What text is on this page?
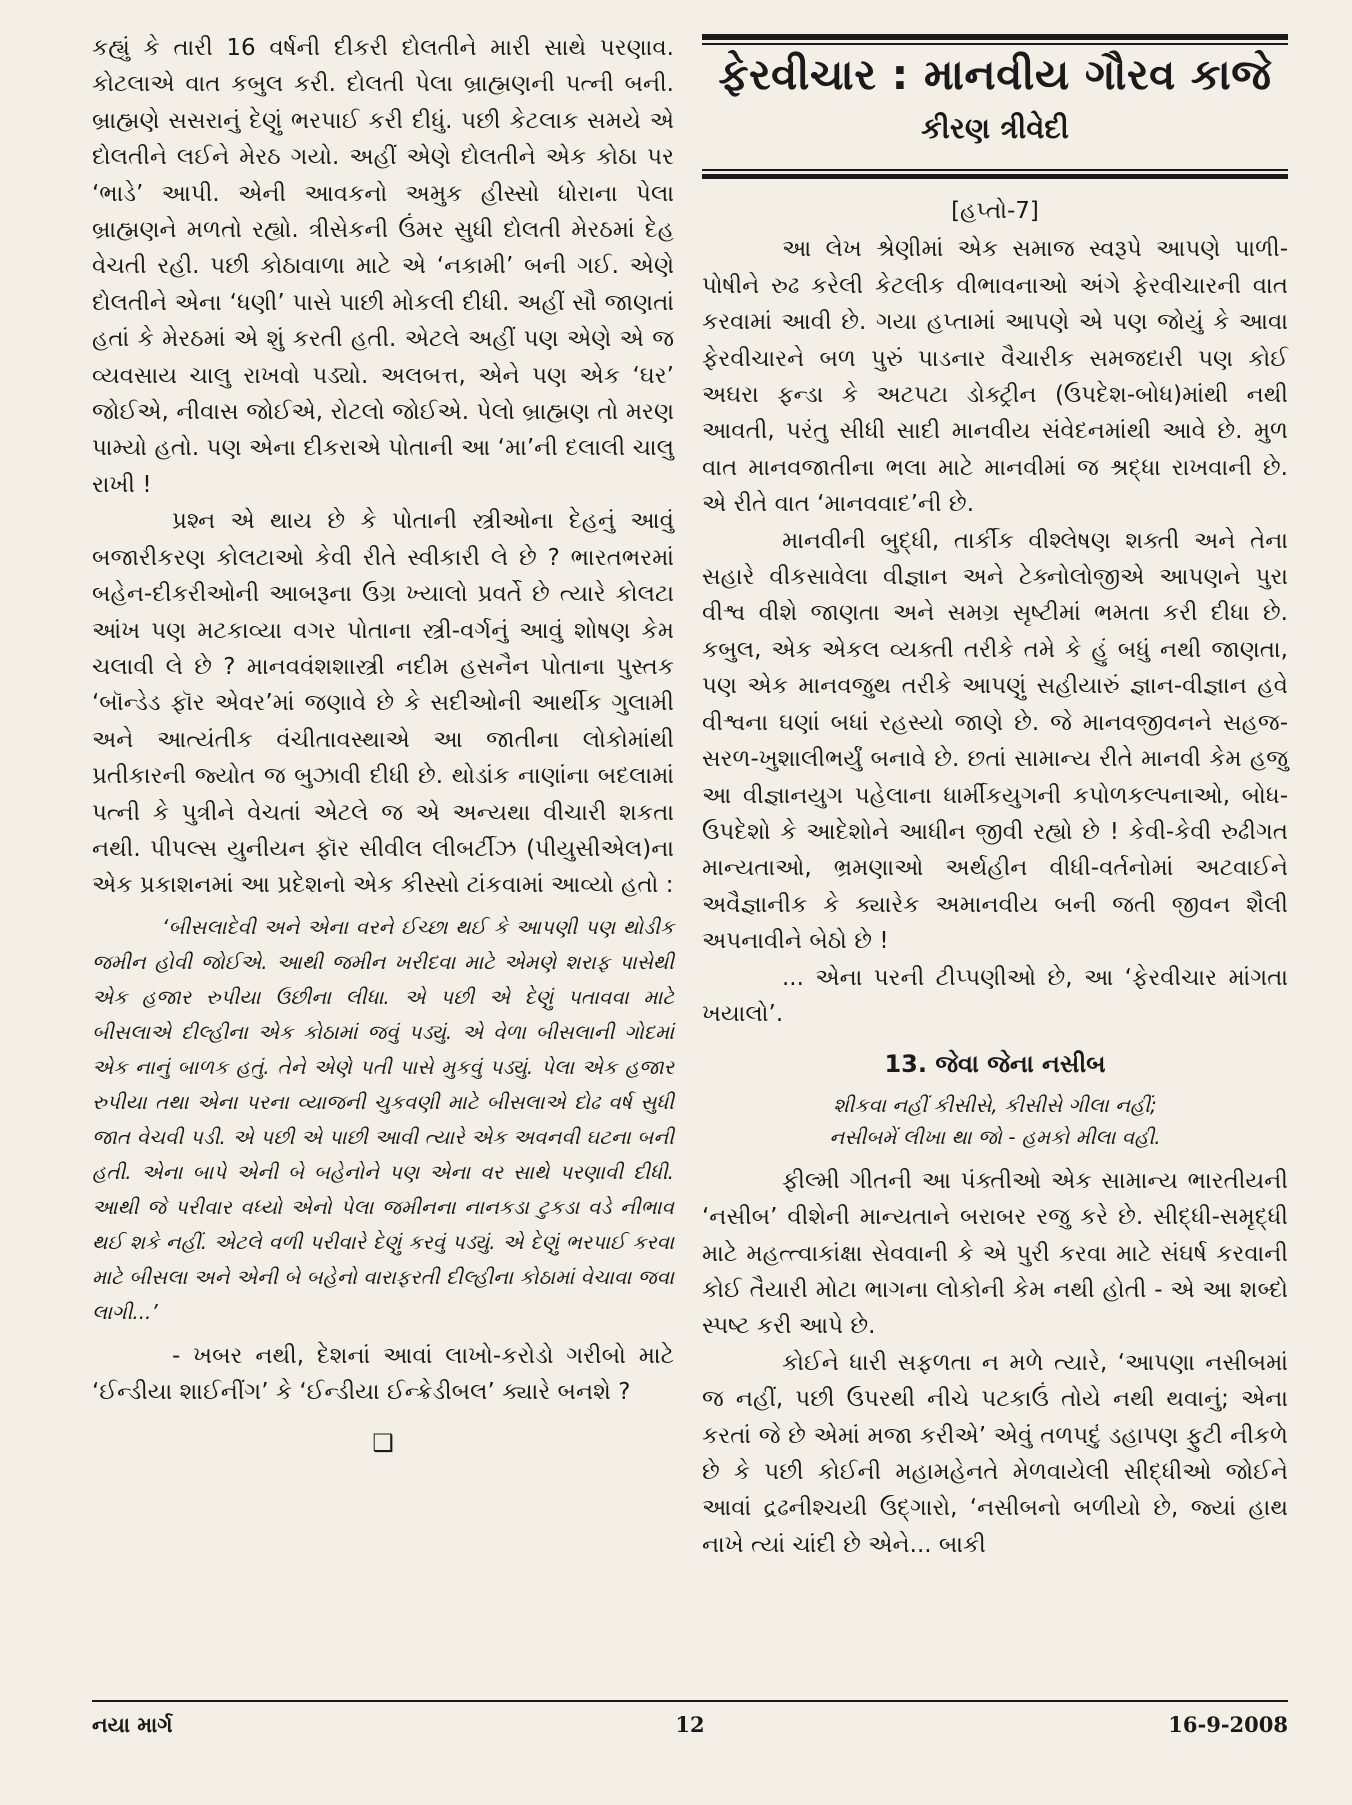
કહ્યું કે તારી 16 વર્ષની દીકરી દોલતીને મારી સાથે પરણાવ. કોટલાએ વાત કબુલ કરી. દોલતી પેલા બ્રાહ્મણની પત્ની બની. બ્રાહ્મણે સસરાનું દેણું ભરપાઈ કરી દીધું. પછી કેટલાક સમયે એ દોલતીને લઈને મેરઠ ગયો. અહીં એણે દોલતીને એક કોઠા પર ‘ભાડે’ આપી. એની આવકનો અમુક હીસ્સો ધોરાના પેલા બ્રાહ્મણને મળતો રહ્યો. ત્રીસેકની ઉંમર સુધી દોલતી મેરઠમાં દેહ વેચતી રહી. પછી કોઠાવાળા માટે એ ‘નકામી’ બની ગઈ. એણે દોલતીને એના ‘ધણી’ પાસે પાછી મોકલી દીધી. અહીં સૌ જાણતાં હતાં કે મેરઠમાં એ શું કરતી હતી. એટલે અહીં પણ એણે એ જ વ્યવસાય ચાલુ રાખવો પડ્યો. અલબત્ત, એને પણ એક ‘ઘર’ જોઈએ, નીવાસ જોઈએ, રોટલો જોઈએ. પેલો બ્રાહ્મણ તો મરણ પામ્યો હતો. પણ એના દીકરાએ પોતાની આ ‘મા’ની દલાલી ચાલુ રાખી !

પ્રશ્ન એ થાય છે કે પોતાની સ્ત્રીઓના દેહનું આવું બજારીકરણ કોલટાઓ કેવી રીતે સ્વીકારી લે છે ? ભારતભરમાં બહેન-દીકરીઓની આબરૂના ઉગ્ર ખ્યાલો પ્રવર્તે છે ત્યારે કોલટા આંખ પણ મટકાવ્યા વગર પોતાના સ્ત્રી-વર્ગનું આવું શોષણ કેમ ચલાવી લે છે ? માનવવંશશાસ્ત્રી નદીમ હસનૈન પોતાના પુસ્તક ‘બૉન્ડેડ ફૉર એવર’માં જણાવે છે કે સદીઓની આર્થીક ગુલામી અને આત્યંતીક વંચીતાવસ્થાએ આ જાતીના લોકોમાંથી પ્રતીકારની જ્યોત જ બુઝાવી દીધી છે. થોડાંક નાણાંના બદલામાં પત્ની કે પુત્રીને વેચતાં એટલે જ એ અન્યથા વીચારી શકતા નથી. પીપલ્સ યુનીયન ફૉર સીવીલ લીબર્ટીઝ (પીયુસીએલ)ના એક પ્રકાશનમાં આ પ્રદેશનો એક કીસ્સો ટાંકવામાં આવ્યો હતો :

‘બીસલાદેવી અને એના વરને ઈચ્છા થઈ કે આપણી પણ થોડીક જમીન હોવી જોઈએ. આથી જમીન ખરીદવા માટે એમણે શરાફ પાસેથી એક હજાર રુપીયા ઉછીના લીધા. એ પછી એ દેણું પતાવવા માટે બીસલાએ દીલ્હીના એક કોઠામાં જવું પડ્યું. એ વેળા બીસલાની ગોદમાં એક નાનું બાળક હતું. તેને એણે પતી પાસે મુકવું પડ્યું. પેલા એક હજાર રુપીયા તથા એના પરના વ્યાજની ચુકવણી માટે બીસલાએ દોઢ વર્ષ સુધી જાત વેચવી પડી. એ પછી એ પાછી આવી ત્યારે એક અવનવી ઘટના બની હતી. એના બાપે એની બે બહેનોને પણ એના વર સાથે પરણાવી દીધી. આથી જે પરીવાર વધ્યો એનો પેલા જમીનના નાનકડા ટુકડા વડે નીભાવ થઈ શકે નહીં. એટલે વળી પરીવારે દેણું કરવું પડ્યું. એ દેણું ભરપાઈ કરવા માટે બીસલા અને એની બે બહેનો વારાફરતી દીલ્હીના કોઠામાં વેચાવા જવા લાગી...’

- ખબર નથી, દેશનાં આવાં લાખો-કરોડો ગરીબો માટે ‘ઈન્ડીયા શાઈનીંગ’ કે ‘ઈન્ડીયા ઈન્ક્રેડીબલ’ ક્યારે બનશે ?

❑

ફેરવીચાર : માનવીય ગૌરવ કાજે

કીરણ ત્રીવેદી

[હપ્તો-7]

આ લેખ શ્રેણીમાં એક સમાજ સ્વરૂપે આપણે પાળી-પોષીને રુઢ કરેલી કેટલીક વીભાવનાઓ અંગે ફેરવીચારની વાત કરવામાં આવી છે. ગયા હપ્તામાં આપણે એ પણ જોયું કે આવા ફેરવીચારને બળ પુરું પાડનાર વૈચારીક સમજદારી પણ કોઈ અઘરા ફન્ડા કે અટપટા ડોક્ટ્રીન (ઉપદેશ-બોધ)માંથી નથી આવતી, પરંતુ સીધી સાદી માનવીય સંવેદનમાંથી આવે છે. મુળ વાત માનવજાતીના ભલા માટે માનવીમાં જ શ્રદ્ધા રાખવાની છે. એ રીતે વાત ‘માનવવાદ’ની છે.

માનવીની બુદ્ધી, તાર્કીક વીશ્લેષણ શક્તી અને તેના સહારે વીકસાવેલા વીજ્ઞાન અને ટેક્નોલોજીએ આપણને પુરા વીશ્વ વીશે જાણતા અને સમગ્ર સૃષ્ટીમાં ભમતા કરી દીધા છે. કબુલ, એક એકલ વ્યક્તી તરીકે તમે કે હું બધું નથી જાણતા, પણ એક માનવજુથ તરીકે આપણું સહીયારું જ્ઞાન-વીજ્ઞાન હવે વીશ્વના ઘણાં બધાં રહસ્યો જાણે છે. જે માનવજીવનને સહજ-સરળ-ખુશાલીભર્યું બનાવે છે. છતાં સામાન્ય રીતે માનવી કેમ હજુ આ વીજ્ઞાનયુગ પહેલાના ધાર્મીકયુગની કપોળકલ્પનાઓ, બોધ-ઉપદેશો કે આદેશોને આધીન જીવી રહ્યો છે ! કેવી-કેવી રુઢીગત માન્યતાઓ, ભ્રમણાઓ અર્થહીન વીધી-વર્તનોમાં અટવાઈને અવૈજ્ઞાનીક કે ક્યારેક અમાનવીય બની જતી જીવન શૈલી અપનાવીને બેઠો છે !

... એના પરની ટીપ્પણીઓ છે, આ ‘ફેરવીચાર માંગતા ખયાલો’.

13. જેવા જેના નસીબ

શીકવા નહીં કીસીસે, કીસીસે ગીલા નહીં;
નસીબમેં લીખા થા જો - હમકો મીલા વહી.

ફીલ્મી ગીતની આ પંક્તીઓ એક સામાન્ય ભારતીયની ‘નસીબ’ વીશેની માન્યતાને બરાબર રજુ કરે છે. સીદ્ધી-સમૃદ્ધી માટે મહત્ત્વાકાંક્ષા સેવવાની કે એ પુરી કરવા માટે સંઘર્ષ કરવાની કોઈ તૈયારી મોટા ભાગના લોકોની કેમ નથી હોતી - એ આ શબ્દો સ્પષ્ટ કરી આપે છે.

કોઈને ધારી સફળતા ન મળે ત્યારે, ‘આપણા નસીબમાં જ નહીં, પછી ઉપરથી નીચે પટકાઉં તોયે નથી થવાનું; એના કરતાં જે છે એમાં મજા કરીએ’ એવું તળપદું ડહાપણ ફુટી નીકળે છે કે પછી કોઈની મહામહેનતે મેળવાયેલી સીદ્ધીઓ જોઈને આવાં દ્રઢનીશ્ચયી ઉદ્ગારો, ‘નસીબનો બળીયો છે, જ્યાં હાથ નાખે ત્યાં ચાંદી છે એને... બાકી

નયા માર્ગ	12	16-9-2008
